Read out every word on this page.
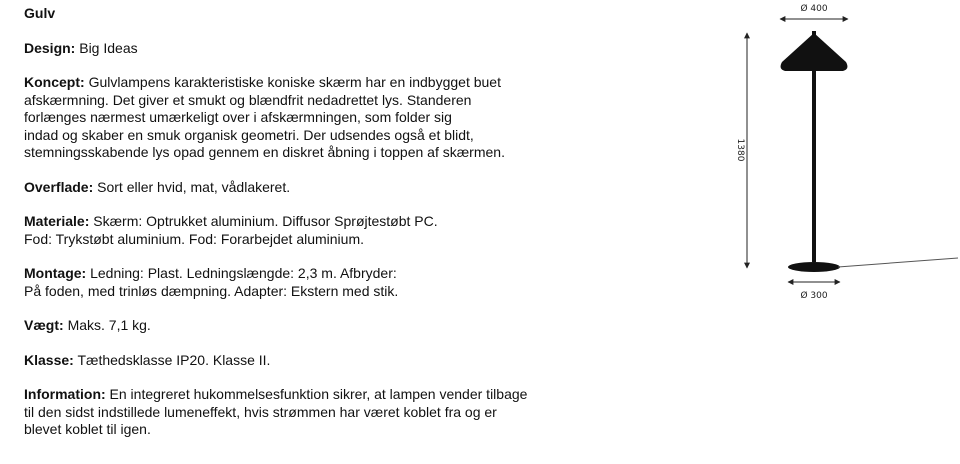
Gulv

Design: Big Ideas

Koncept: Gulvlampens karakteristiske koniske skærm har en indbygget buet
afskærmning. Det giver et smukt og blændfrit nedadrettet lys. Standeren
forlænges nærmest umærkeligt over i afskærmningen, som folder sig
indad og skaber en smuk organisk geometri. Der udsendes også et blidt,
stemningsskabende lys opad gennem en diskret åbning i toppen af skærmen.

Overflade: Sort eller hvid, mat, vådlakeret.

Materiale: Skærm: Optrukket aluminium. Diffusor Sprøjtestøbt PC.
Fod: Trykstøbt aluminium. Fod: Forarbejdet aluminium.

Montage: Ledning: Plast. Ledningslængde: 2,3 m. Afbryder:
På foden, med trinløs dæmpning. Adapter: Ekstern med stik.

Vægt: Maks. 7,1 kg.

Klasse: Tæthedsklasse IP20. Klasse II.

Information: En integreret hukommelsesfunktion sikrer, at lampen vender tilbage
til den sidst indstillede lumeneffekt, hvis strømmen har været koblet fra og er
blevet koblet til igen.

Ø 400
1380
Ø 300
